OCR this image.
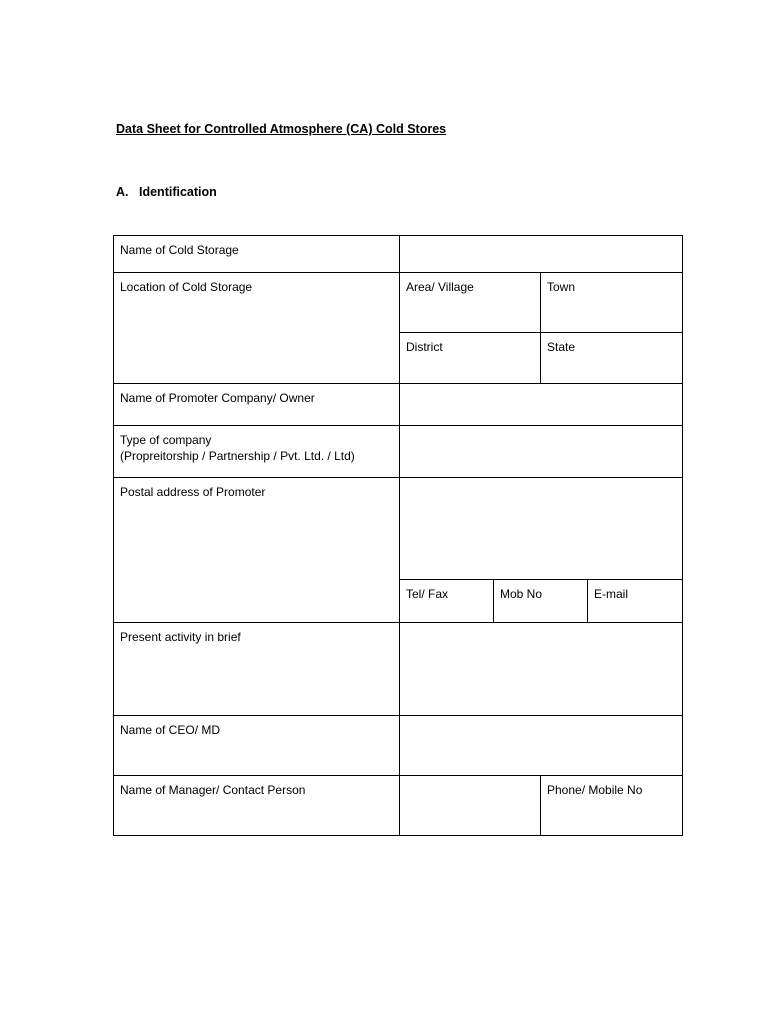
Data Sheet for Controlled Atmosphere (CA) Cold Stores
A. Identification
Name of Cold Storage				
Location of Cold Storage	Area/ Village		Town	
	District		State	
Name of Promoter Company/ Owner				

Type of company
(Propreitorship / Partnership / Pvt. Ltd. / Ltd)				

Postal address of Promoter				
	Tel/ Fax	Mob No		E-mail
Present activity in brief				
Name of CEO/ MD				
Name of Manager/ Contact Person			Phone/ Mobile No	
